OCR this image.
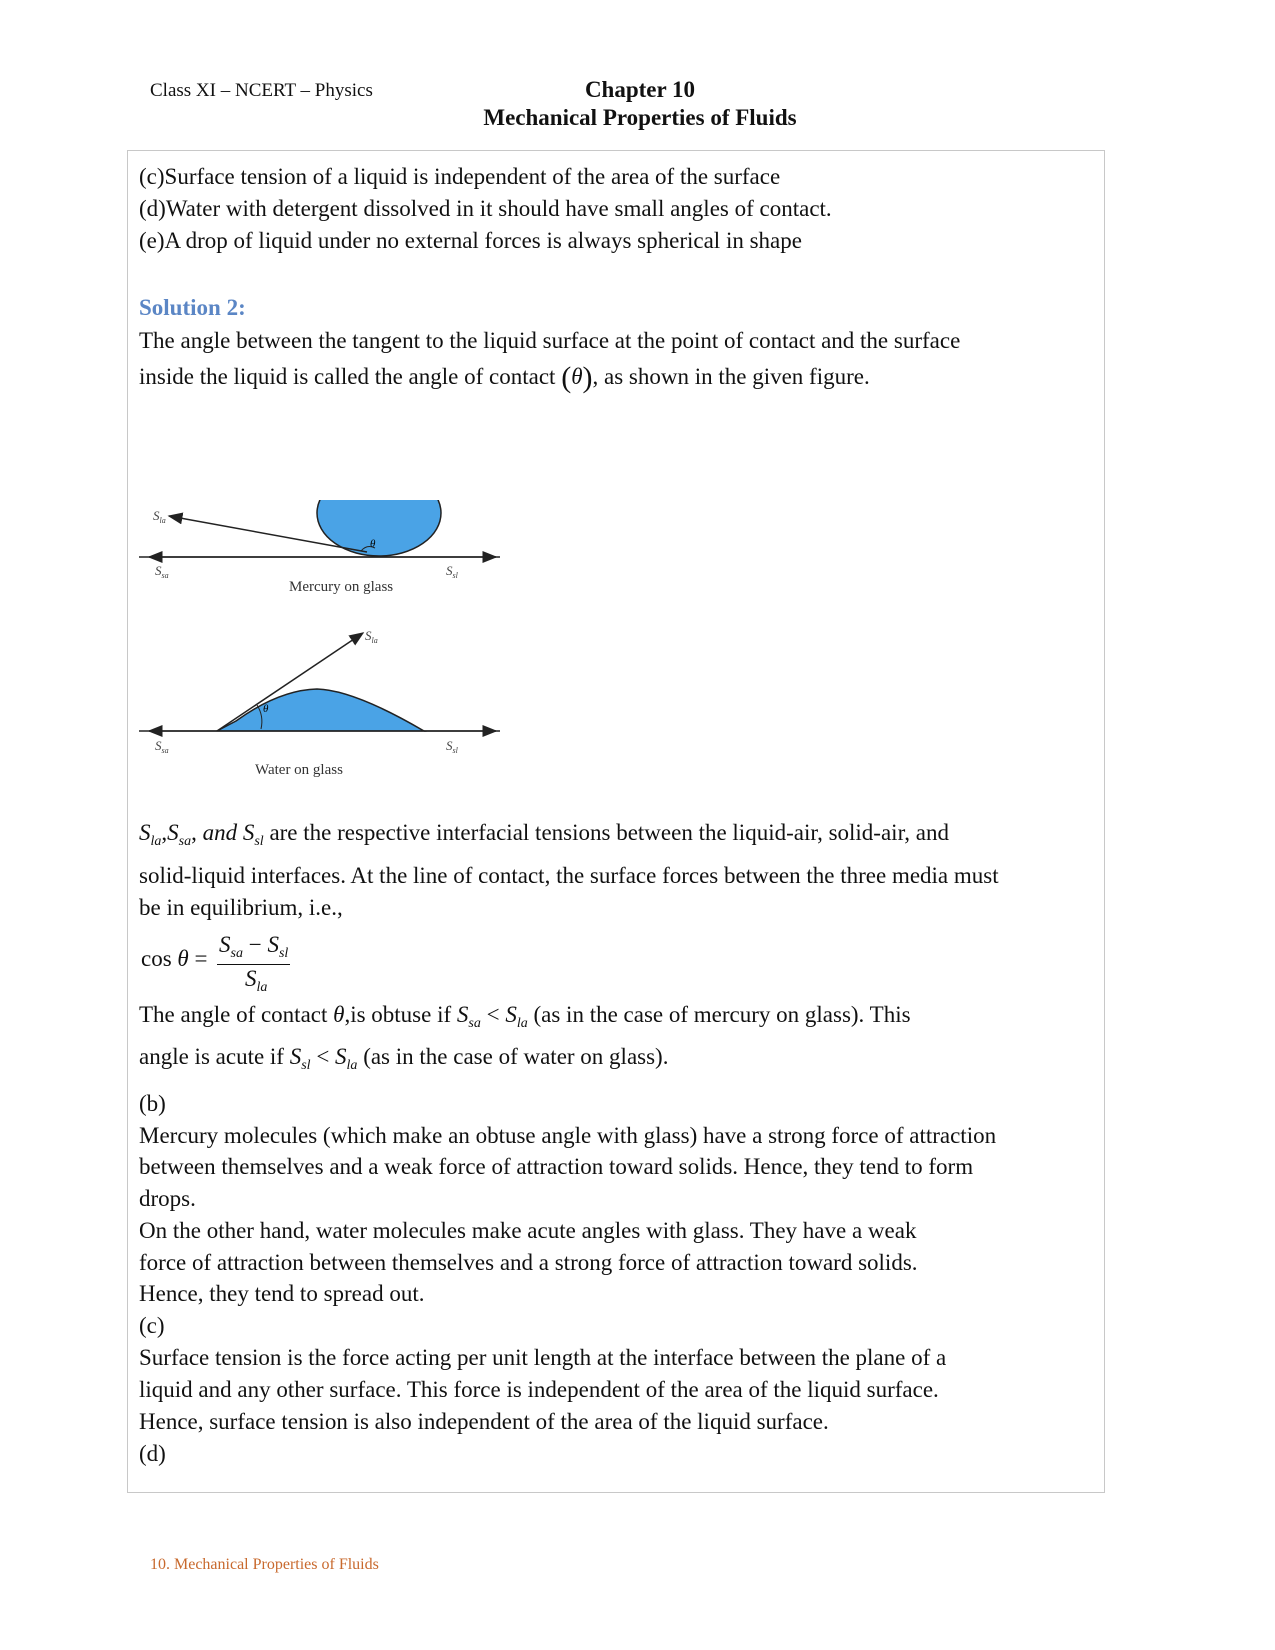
Class XI – NCERT – Physics	Chapter 10
Mechanical Properties of Fluids
(c)Surface tension of a liquid is independent of the area of the surface
(d)Water with detergent dissolved in it should have small angles of contact.
(e)A drop of liquid under no external forces is always spherical in shape
Solution 2:
The angle between the tangent to the liquid surface at the point of contact and the surface
inside the liquid is called the angle of contact (θ), as shown in the given figure.
θ
$S_{la}$
$S_{sa}$	$S_{sl}$
Mercury on glass
θ
$S_{la}$
$S_{sa}$	$S_{sl}$
Water on glass
$S_{la},S_{sa}$, and $S_{sl}$ are the respective interfacial tensions between the liquid-air, solid-air, and
solid-liquid interfaces. At the line of contact, the surface forces between the three media must
be in equilibrium, i.e.,
cos θ =
$S_{sa} - S_{sl}$
$S_{la}$
The angle of contact θ,is obtuse if $S_{sa} < S_{la}$ (as in the case of mercury on glass). This
angle is acute if $S_{sl} < S_{la}$ (as in the case of water on glass).
(b)
Mercury molecules (which make an obtuse angle with glass) have a strong force of attraction
between themselves and a weak force of attraction toward solids. Hence, they tend to form
drops.
On the other hand, water molecules make acute angles with glass. They have a weak
force of attraction between themselves and a strong force of attraction toward solids.
Hence, they tend to spread out.
(c)
Surface tension is the force acting per unit length at the interface between the plane of a
liquid and any other surface. This force is independent of the area of the liquid surface.
Hence, surface tension is also independent of the area of the liquid surface.
(d)
10. Mechanical Properties of Fluids
